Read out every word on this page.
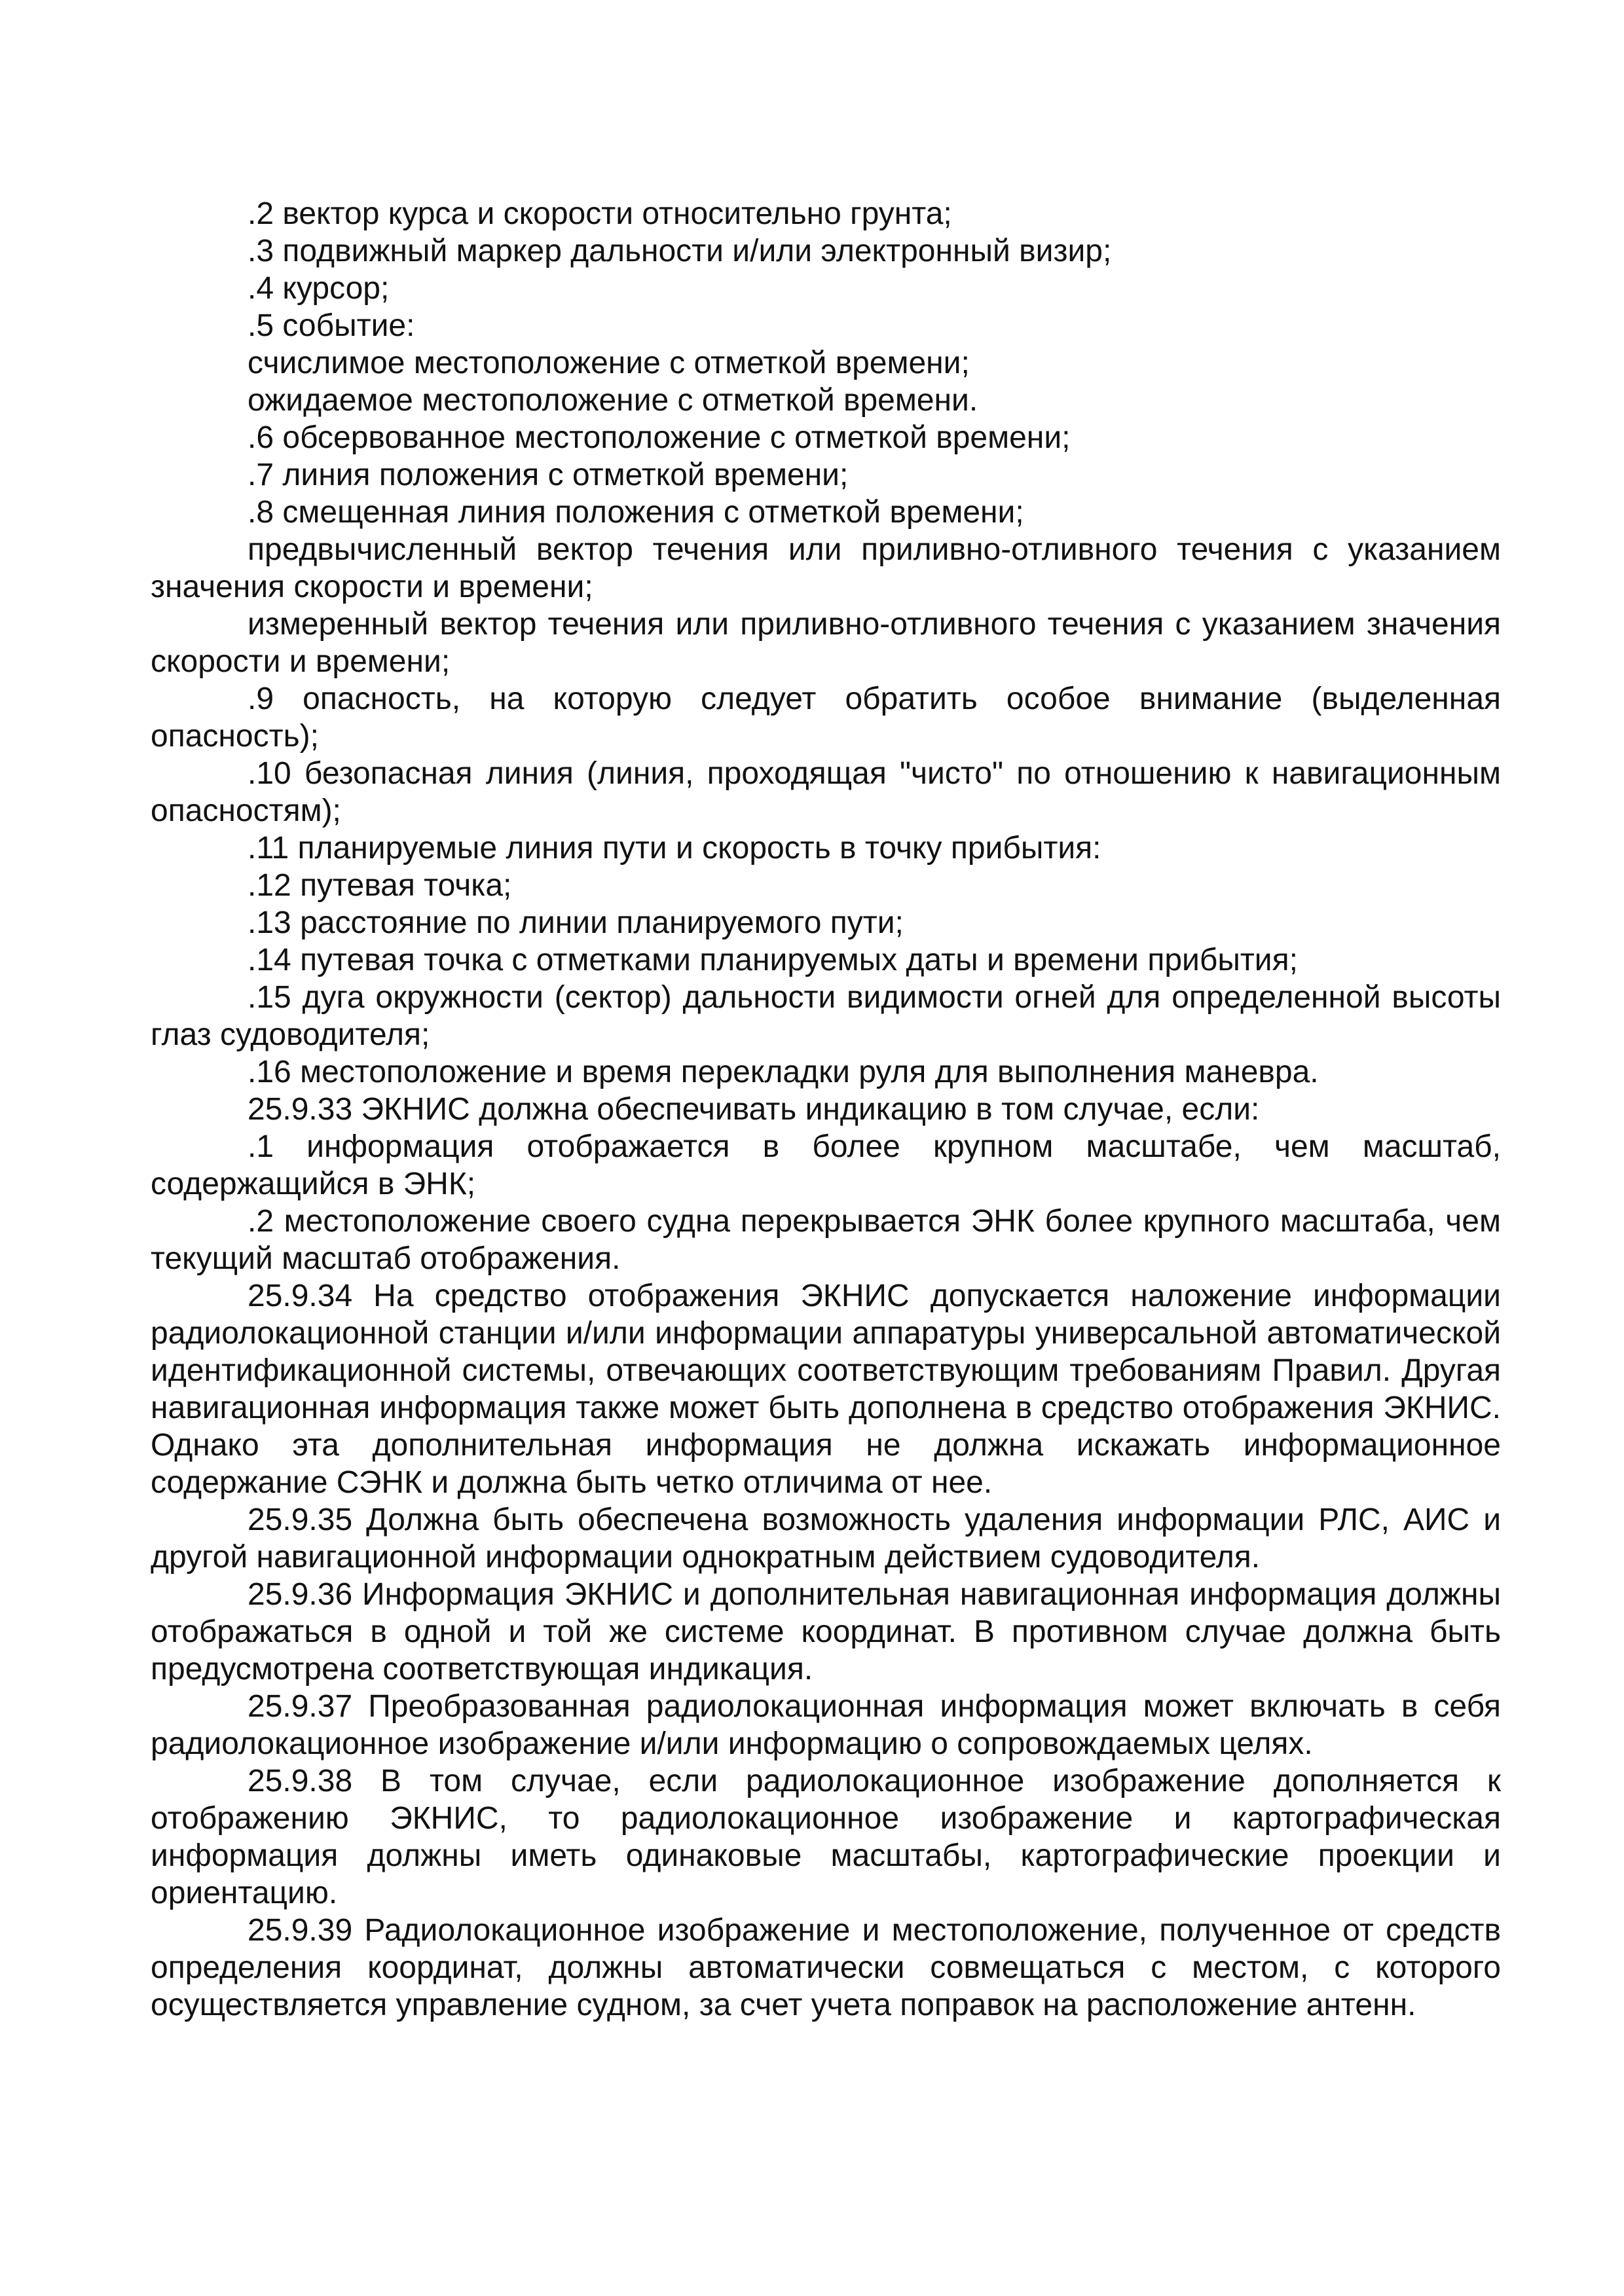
.2 вектор курса и скорости относительно грунта;

.3 подвижный маркер дальности и/или электронный визир;

.4 курсор;

.5 событие:

счислимое местоположение с отметкой времени;

ожидаемое местоположение с отметкой времени.

.6 обсервованное местоположение с отметкой времени;

.7 линия положения с отметкой времени;

.8 смещенная линия положения с отметкой времени;

предвычисленный вектор течения или приливно-отливного течения с указанием значения скорости и времени;

измеренный вектор течения или приливно-отливного течения с указанием значения скорости и времени;

.9 опасность, на которую следует обратить особое внимание (выделенная опасность);

.10 безопасная линия (линия, проходящая "чисто" по отношению к навигационным опасностям);

.11 планируемые линия пути и скорость в точку прибытия:

.12 путевая точка;

.13 расстояние по линии планируемого пути;

.14 путевая точка с отметками планируемых даты и времени прибытия;

.15 дуга окружности (сектор) дальности видимости огней для определенной высоты глаз судоводителя;

.16 местоположение и время перекладки руля для выполнения маневра.

25.9.33 ЭКНИС должна обеспечивать индикацию в том случае, если:

.1 информация отображается в более крупном масштабе, чем масштаб, содержащийся в ЭНК;

.2 местоположение своего судна перекрывается ЭНК более крупного масштаба, чем текущий масштаб отображения.

25.9.34 На средство отображения ЭКНИС допускается наложение информации радиолокационной станции и/или информации аппаратуры универсальной автоматической идентификационной системы, отвечающих соответствующим требованиям Правил. Другая навигационная информация также может быть дополнена в средство отображения ЭКНИС. Однако эта дополнительная информация не должна искажать информационное содержание СЭНК и должна быть четко отличима от нее.

25.9.35 Должна быть обеспечена возможность удаления информации РЛС, АИС и другой навигационной информации однократным действием судоводителя.

25.9.36 Информация ЭКНИС и дополнительная навигационная информация должны отображаться в одной и той же системе координат. В противном случае должна быть предусмотрена соответствующая индикация.

25.9.37 Преобразованная радиолокационная информация может включать в себя радиолокационное изображение и/или информацию о сопровождаемых целях.

25.9.38 В том случае, если радиолокационное изображение дополняется к отображению ЭКНИС, то радиолокационное изображение и картографическая информация должны иметь одинаковые масштабы, картографические проекции и ориентацию.

25.9.39 Радиолокационное изображение и местоположение, полученное от средств определения координат, должны автоматически совмещаться с местом, с которого осуществляется управление судном, за счет учета поправок на расположение антенн.
